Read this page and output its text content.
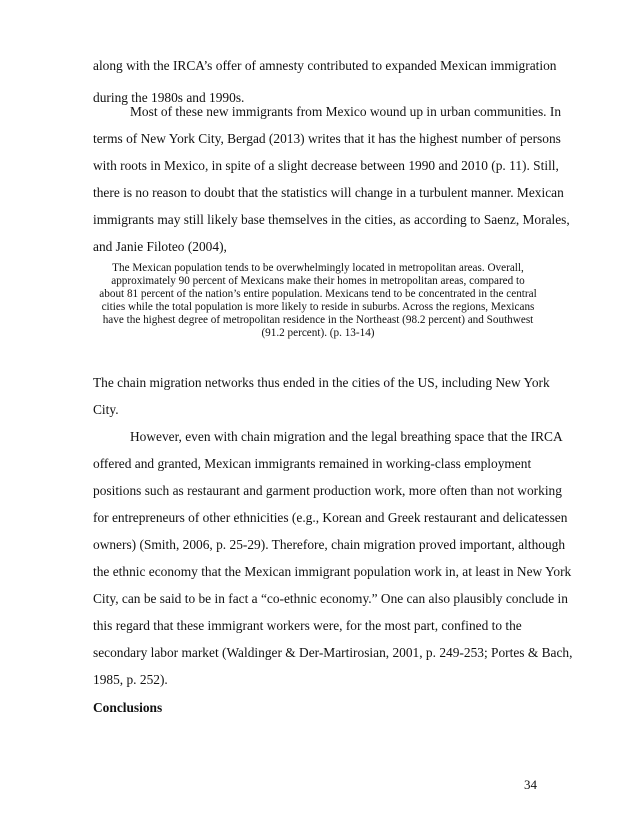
along with the IRCA’s offer of amnesty contributed to expanded Mexican immigration
during the 1980s and 1990s.
Most of these new immigrants from Mexico wound up in urban communities. In
terms of New York City, Bergad (2013) writes that it has the highest number of persons
with roots in Mexico, in spite of a slight decrease between 1990 and 2010 (p. 11). Still,
there is no reason to doubt that the statistics will change in a turbulent manner. Mexican
immigrants may still likely base themselves in the cities, as according to Saenz, Morales,
and Janie Filoteo (2004),
The Mexican population tends to be overwhelmingly located in metropolitan areas. Overall,
approximately 90 percent of Mexicans make their homes in metropolitan areas, compared to
about 81 percent of the nation’s entire population. Mexicans tend to be concentrated in the central
cities while the total population is more likely to reside in suburbs. Across the regions, Mexicans
have the highest degree of metropolitan residence in the Northeast (98.2 percent) and Southwest
(91.2 percent). (p. 13-14)
The chain migration networks thus ended in the cities of the US, including New York
City.
However, even with chain migration and the legal breathing space that the IRCA
offered and granted, Mexican immigrants remained in working-class employment
positions such as restaurant and garment production work, more often than not working
for entrepreneurs of other ethnicities (e.g., Korean and Greek restaurant and delicatessen
owners) (Smith, 2006, p. 25-29). Therefore, chain migration proved important, although
the ethnic economy that the Mexican immigrant population work in, at least in New York
City, can be said to be in fact a “co-ethnic economy.” One can also plausibly conclude in
this regard that these immigrant workers were, for the most part, confined to the
secondary labor market (Waldinger & Der-Martirosian, 2001, p. 249-253; Portes & Bach,
1985, p. 252).
Conclusions
34
